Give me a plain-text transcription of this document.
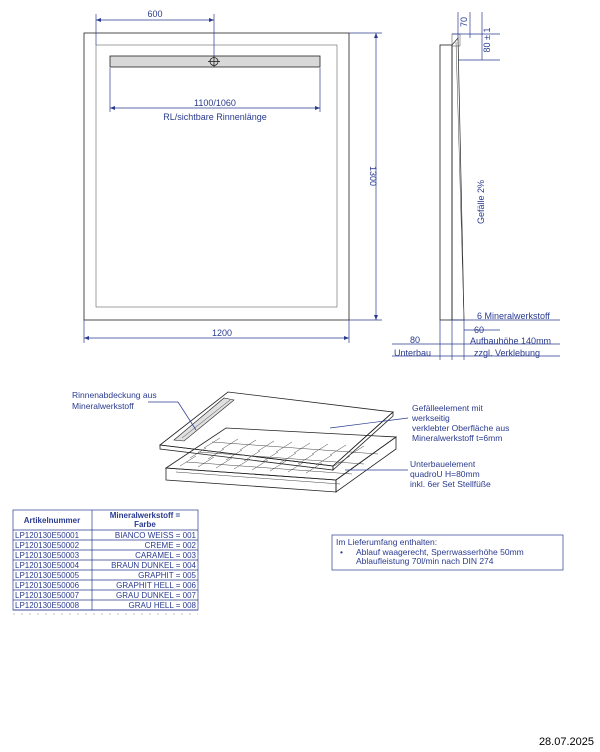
600
1100/1060
RL/sichtbare Rinnenlänge
1300
1200
70
80 ± 1
Gefälle 2%
6 Mineralwerkstoff
60
Aufbauhöhe 140mm
zzgl. Verklebung
80
Unterbau
Rinnenabdeckung aus
Mineralwerkstoff	Gefälleelement mit
werkseitig
verklebter Oberfläche aus
Mineralwerkstoff t=6mm
Unterbauelement
quadroU H=80mm
inkl. 6er Set Stellfüße
Artikelnummer
Mineralwerkstoff =
Farbe
LP120130E50001	BIANCO WEISS = 001
LP120130E50002	CREME = 002
LP120130E50003	CARAMEL = 003
LP120130E50004	BRAUN DUNKEL = 004
LP120130E50005	GRAPHIT = 005
LP120130E50006	GRAPHIT HELL = 006
LP120130E50007	GRAU DUNKEL = 007
LP120130E50008	GRAU HELL = 008
Im Lieferumfang enthalten:
• Ablauf waagerecht, Sperrwasserhöhe 50mm
Ablaufleistung 70l/min nach DIN 274
28.07.2025
